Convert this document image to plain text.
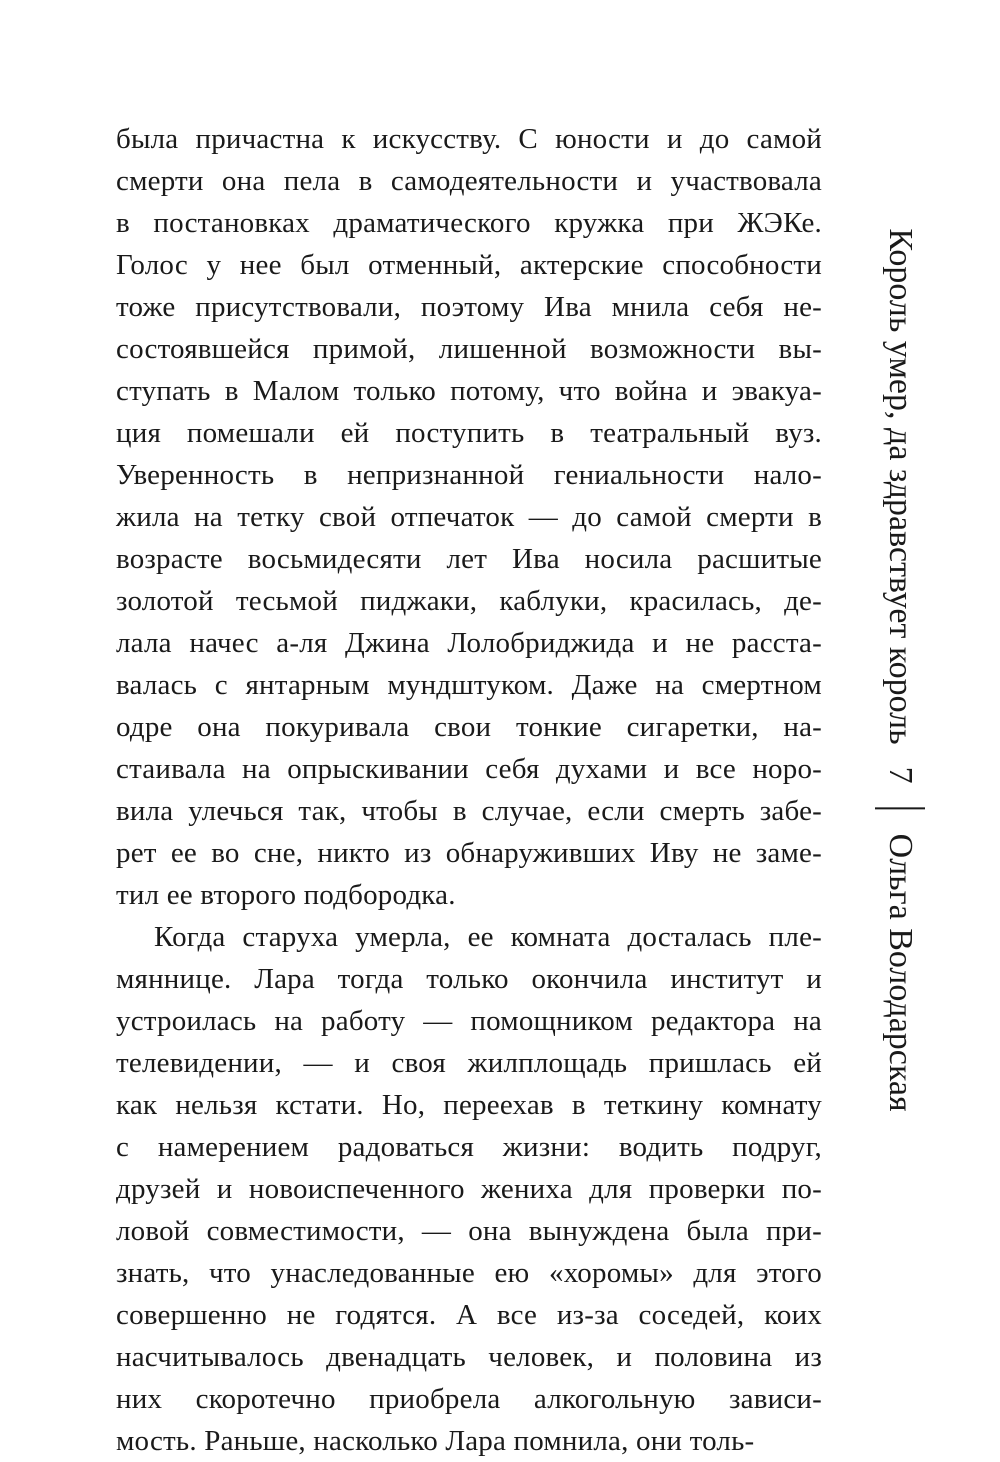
была причастна к искусству. С юности и до самой
смерти она пела в самодеятельности и участвовала
в постановках драматического кружка при ЖЭКе.
Голос у нее был отменный, актерские способности
тоже присутствовали, поэтому Ива мнила себя не-
состоявшейся примой, лишенной возможности вы-
ступать в Малом только потому, что война и эвакуа-
ция помешали ей поступить в театральный вуз.
Уверенность в непризнанной гениальности нало-
жила на тетку свой отпечаток — до самой смерти в
возрасте восьмидесяти лет Ива носила расшитые
золотой тесьмой пиджаки, каблуки, красилась, де-
лала начес а-ля Джина Лолобриджида и не расста-
валась с янтарным мундштуком. Даже на смертном
одре она покуривала свои тонкие сигаретки, на-
стаивала на опрыскивании себя духами и все норо-
вила улечься так, чтобы в случае, если смерть забе-
рет ее во сне, никто из обнаруживших Иву не заме-
тил ее второго подбородка.
Когда старуха умерла, ее комната досталась пле-
мяннице. Лара тогда только окончила институт и
устроилась на работу — помощником редактора на
телевидении, — и своя жилплощадь пришлась ей
как нельзя кстати. Но, переехав в теткину комнату
с намерением радоваться жизни: водить подруг,
друзей и новоиспеченного жениха для проверки по-
ловой совместимости, — она вынуждена была при-
знать, что унаследованные ею «хоромы» для этого
совершенно не годятся. А все из-за соседей, коих
насчитывалось двенадцать человек, и половина из
них скоротечно приобрела алкогольную зависи-
мость. Раньше, насколько Лара помнила, они толь-
Король умер, да здравствует король
7
Ольга Володарская
